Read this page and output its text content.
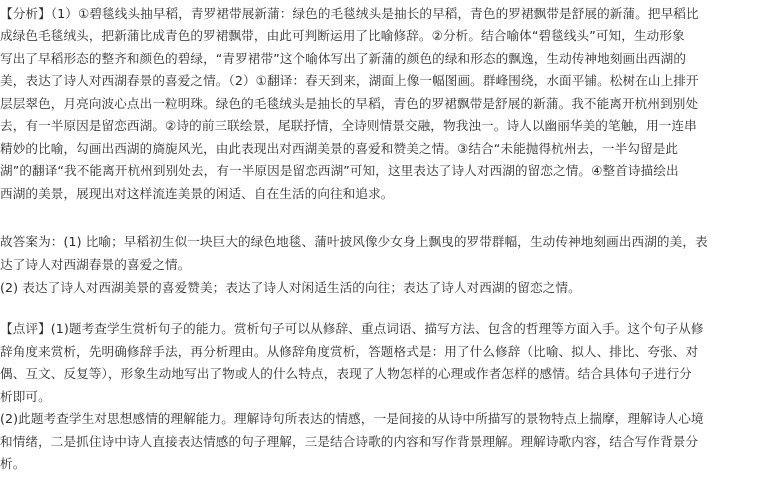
【分析】（1）①碧毯线头抽早稻，青罗裙带展新蒲：绿色的毛毯绒头是抽长的早稻，青色的罗裙飘带是舒展的新蒲。把早稻比
成绿色毛毯绒头，把新蒲比成青色的罗裙飘带，由此可判断运用了比喻修辞。②分析。结合喻体“碧毯线头”可知，生动形象
写出了早稻形态的整齐和颜色的碧绿，“青罗裙带”这个喻体写出了新蒲的颜色的绿和形态的飘逸，生动传神地刻画出西湖的
美，表达了诗人对西湖春景的喜爱之情。（2）①翻译：春天到来，湖面上像一幅图画。群峰围绕，水面平铺。松树在山上排开
层层翠色，月亮向波心点出一粒明珠。绿色的毛毯绒头是抽长的早稻，青色的罗裙飘带是舒展的新蒲。我不能离开杭州到别处
去，有一半原因是留恋西湖。②诗的前三联绘景，尾联抒情，全诗则情景交融，物我浊一。诗人以幽丽华美的笔触，用一连串
精妙的比喻，勾画出西湖的旖旎风光，由此表现出对西湖美景的喜爱和赞美之情。③结合“未能抛得杭州去，一半勾留是此
湖”的翻译“我不能离开杭州到别处去，有一半原因是留恋西湖”可知，这里表达了诗人对西湖的留恋之情。④整首诗描绘出
西湖的美景，展现出对这样流连美景的闲适、自在生活的向往和追求。
故答案为：(1) 比喻；早稻初生似一块巨大的绿色地毯、蒲叶披风像少女身上飘曳的罗带群幅，生动传神地刻画出西湖的美，表
达了诗人对西湖春景的喜爱之情。
(2) 表达了诗人对西湖美景的喜爱赞美；表达了诗人对闲适生活的向往；表达了诗人对西湖的留恋之情。
【点评】(1)题考查学生赏析句子的能力。赏析句子可以从修辞、重点词语、描写方法、包含的哲理等方面入手。这个句子从修
辞角度来赏析，先明确修辞手法，再分析理由。从修辞角度赏析，答题格式是：用了什么修辞（比喻、拟人、排比、夸张、对
偶、互文、反复等），形象生动地写出了物或人的什么特点，表现了人物怎样的心理或作者怎样的感情。结合具体句子进行分
析即可。
(2)此题考查学生对思想感情的理解能力。理解诗句所表达的情感，一是间接的从诗中所描写的景物特点上揣摩，理解诗人心境
和情绪，二是抓住诗中诗人直接表达情感的句子理解，三是结合诗歌的内容和写作背景理解。理解诗歌内容，结合写作背景分
析。
